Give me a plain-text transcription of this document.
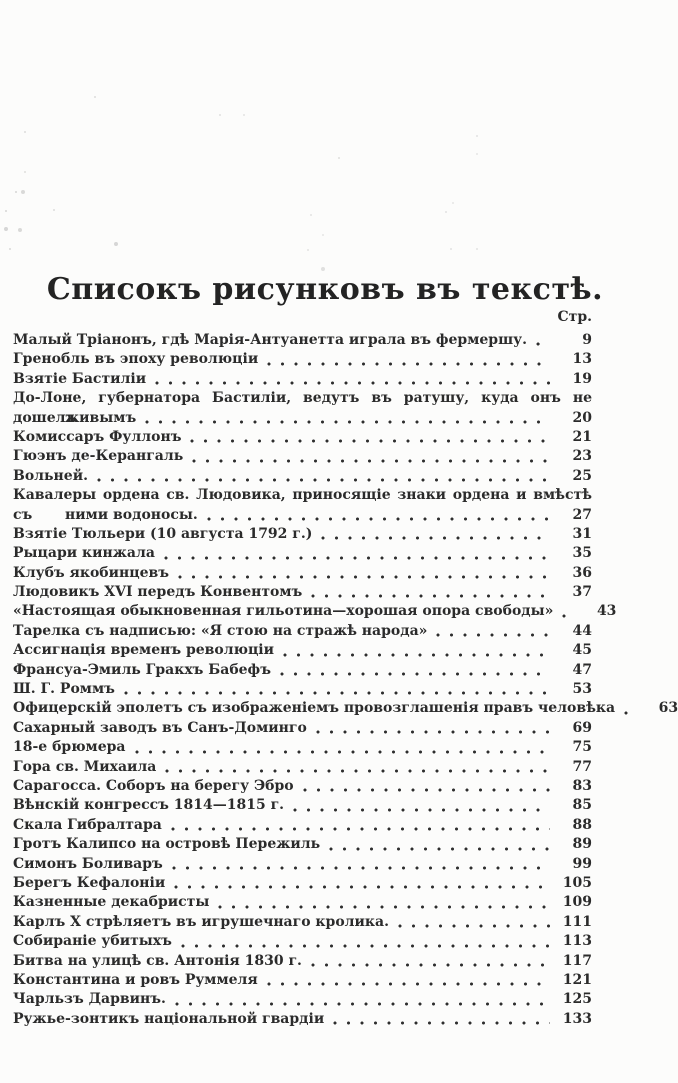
Списокъ рисунковъ въ текстѣ.
Стр.
Малый Тріанонъ, гдѣ Марія-Антуанетта играла въ фермершу.	9
Гренобль въ эпоху революціи	13
Взятіе Бастиліи	19
До-Лоне, губернатора Бастиліи, ведутъ въ ратушу, куда онъ не дошелъ
живымъ	20
Комиссаръ Фуллонъ	21
Гюэнъ де-Керангаль	23
Вольней.	25
Кавалеры ордена св. Людовика, приносящіе знаки ордена и вмѣстѣ съ	ними водоносы.	27
Взятіе Тюльери (10 августа 1792 г.)	31
Рыцари кинжала	35
Клубъ якобинцевъ	36
Людовикъ XVI передъ Конвентомъ	37
«Настоящая обыкновенная гильотина—хорошая опора свободы»	43
Тарелка съ надписью: «Я стою на стражѣ народа»	44
Ассигнація временъ революціи	45
Франсуа-Эмиль Гракхъ Бабефъ	47
Ш. Г. Роммъ	53
Офицерскій эполетъ съ изображеніемъ провозглашенія правъ человѣка	63
Сахарный заводъ въ Санъ-Доминго	69
18-е брюмера	75
Гора св. Михаила	77
Сарагосса. Соборъ на берегу Эбро	83
Вѣнскій конгрессъ 1814—1815 г.	85
Скала Гибралтара	88
Гротъ Калипсо на островѣ Пережиль	89
Симонъ Боливаръ	99
Берегъ Кефалоніи	105
Казненные декабристы	109
Карлъ X стрѣляетъ въ игрушечнаго кролика.	111
Собираніе убитыхъ	113
Битва на улицѣ св. Антонія 1830 г.	117
Константина и ровъ Руммеля	121
Чарльзъ Дарвинъ.	125
Ружье-зонтикъ національной гвардіи	133
